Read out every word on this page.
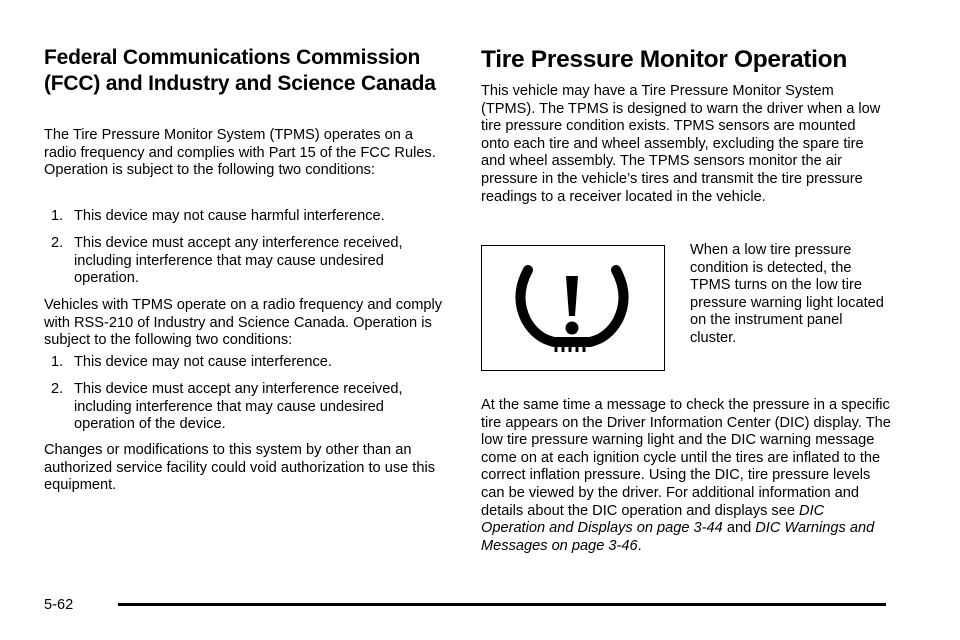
Federal Communications Commission (FCC) and Industry and Science Canada

The Tire Pressure Monitor System (TPMS) operates on a radio frequency and complies with Part 15 of the FCC Rules. Operation is subject to the following two conditions:

1. This device may not cause harmful interference.
2. This device must accept any interference received, including interference that may cause undesired operation.

Vehicles with TPMS operate on a radio frequency and comply with RSS-210 of Industry and Science Canada. Operation is subject to the following two conditions:

1. This device may not cause interference.
2. This device must accept any interference received, including interference that may cause undesired operation of the device.

Changes or modifications to this system by other than an authorized service facility could void authorization to use this equipment.

Tire Pressure Monitor Operation

This vehicle may have a Tire Pressure Monitor System (TPMS). The TPMS is designed to warn the driver when a low tire pressure condition exists. TPMS sensors are mounted onto each tire and wheel assembly, excluding the spare tire and wheel assembly. The TPMS sensors monitor the air pressure in the vehicle’s tires and transmit the tire pressure readings to a receiver located in the vehicle.

When a low tire pressure condition is detected, the TPMS turns on the low tire pressure warning light located on the instrument panel cluster.

At the same time a message to check the pressure in a specific tire appears on the Driver Information Center (DIC) display. The low tire pressure warning light and the DIC warning message come on at each ignition cycle until the tires are inflated to the correct inflation pressure. Using the DIC, tire pressure levels can be viewed by the driver. For additional information and details about the DIC operation and displays see DIC Operation and Displays on page 3-44 and DIC Warnings and Messages on page 3-46.

5-62
